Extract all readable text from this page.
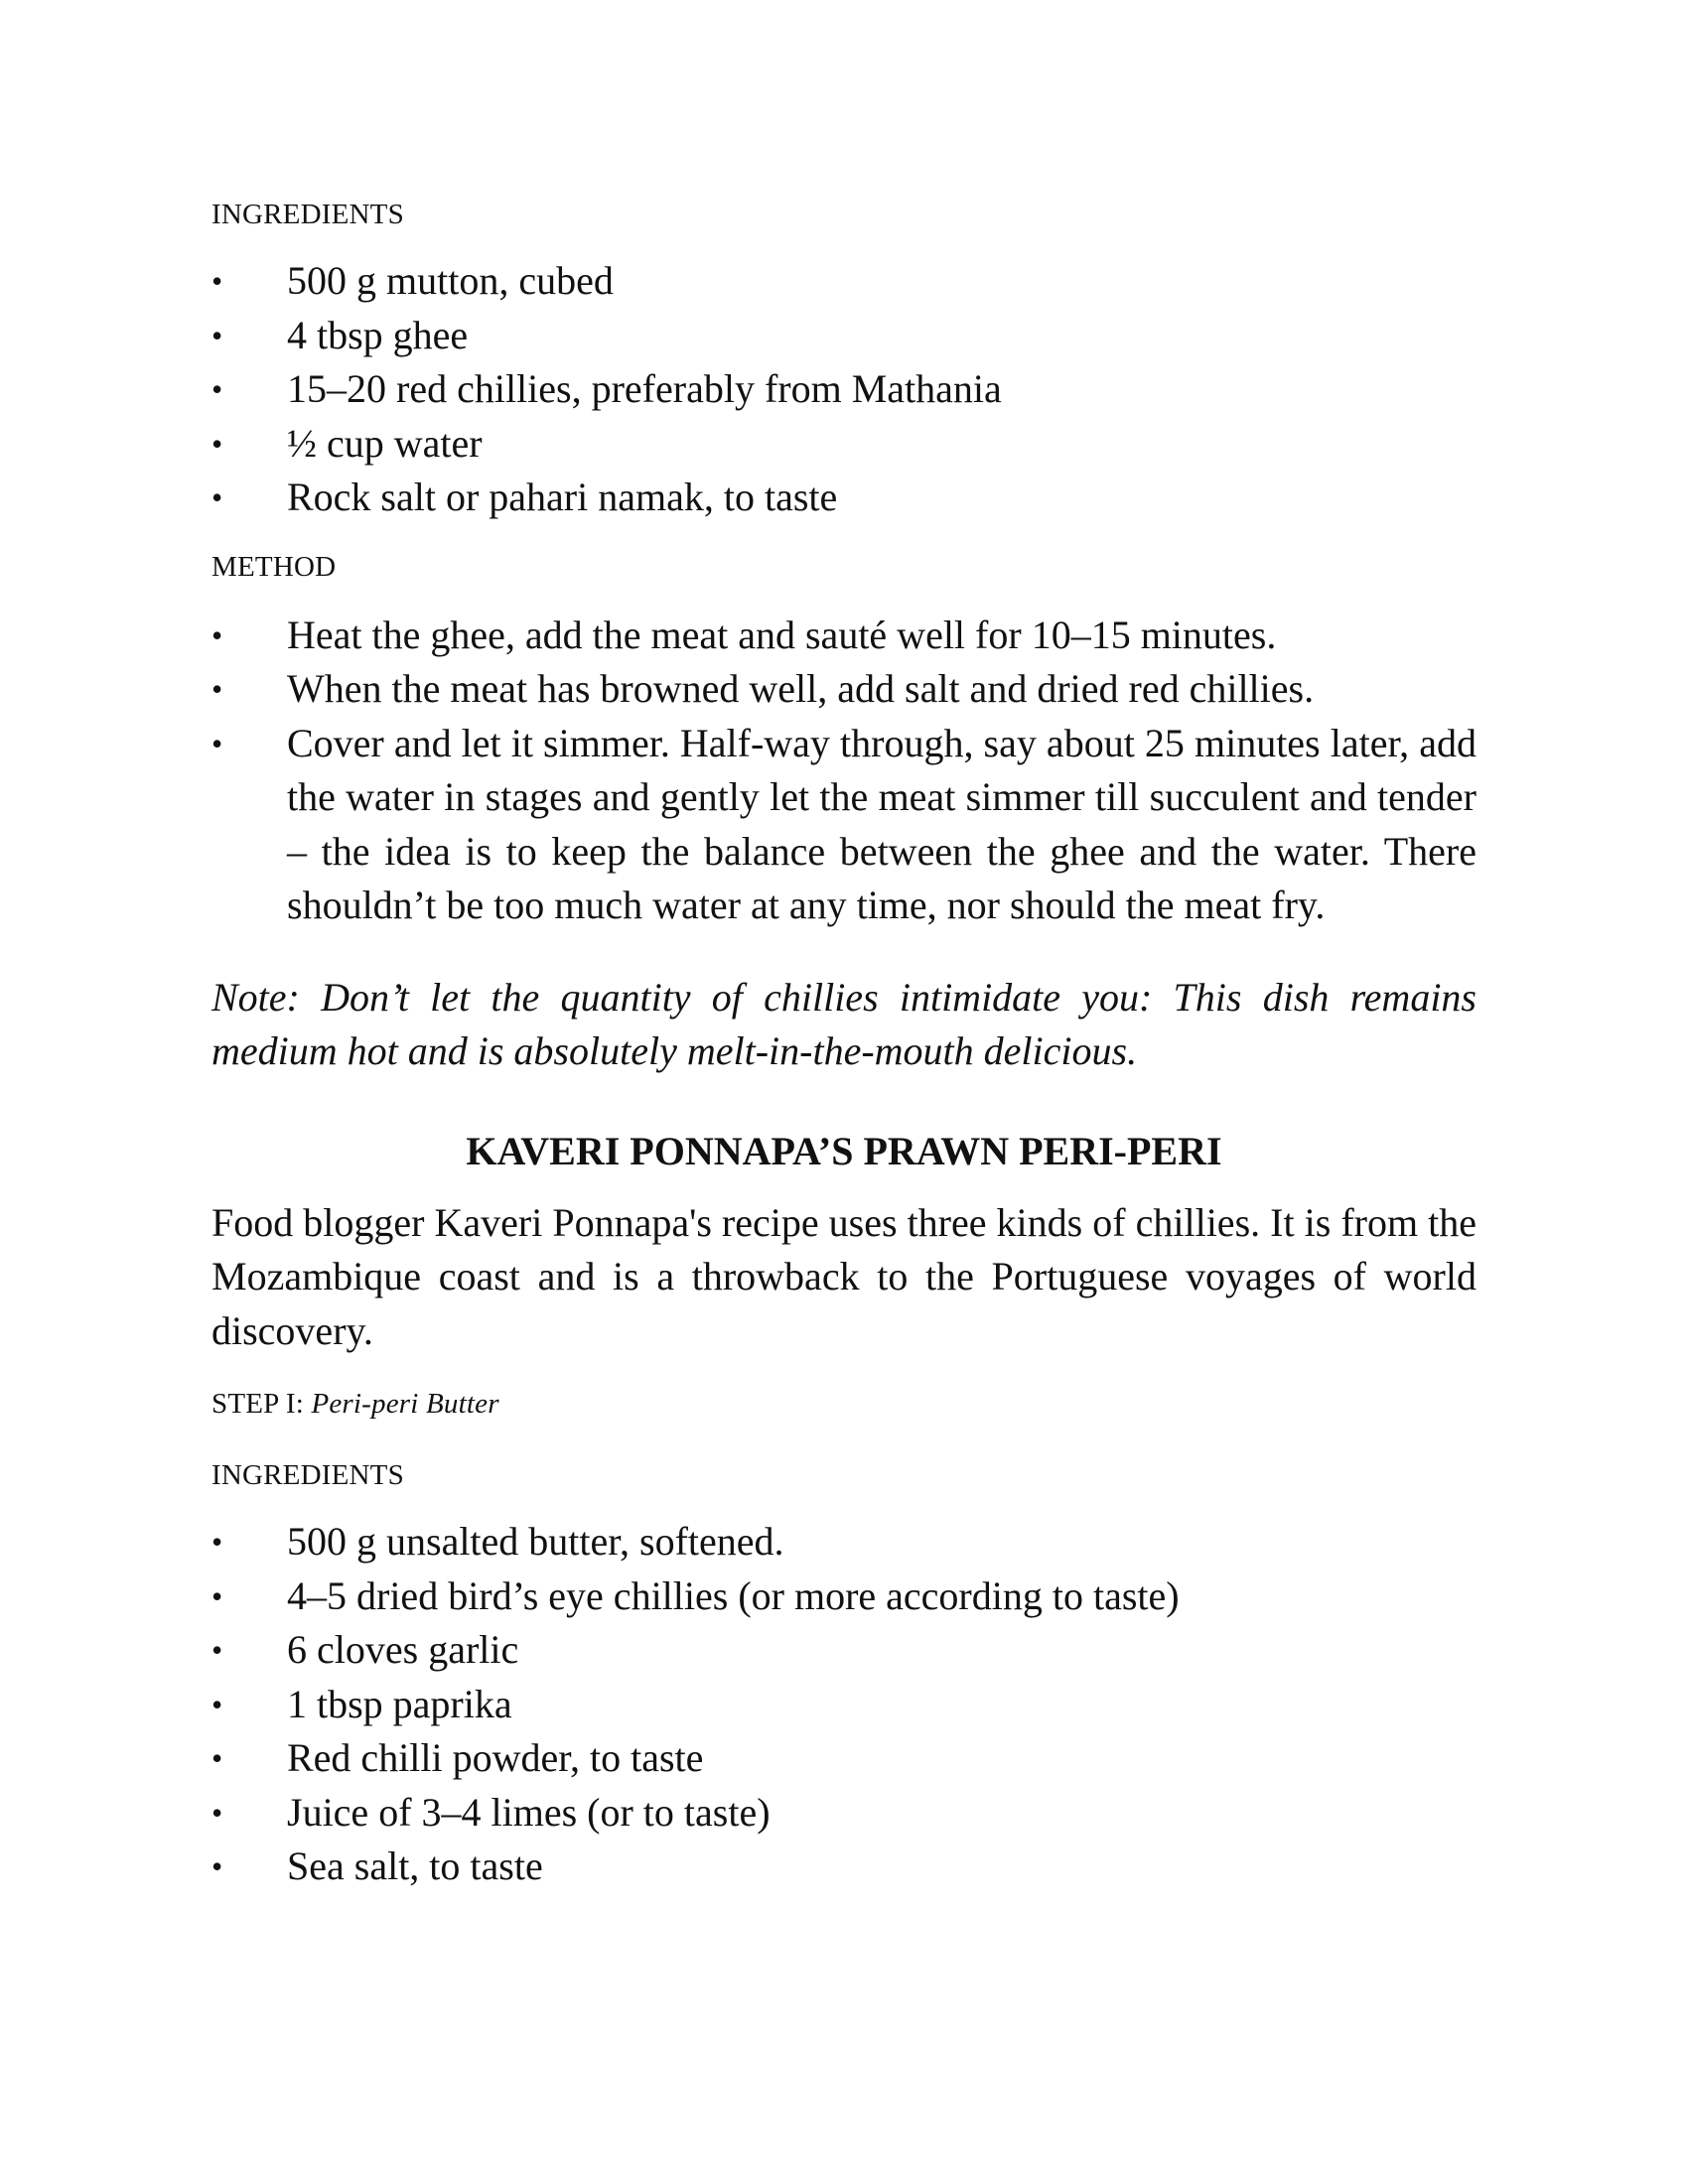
INGREDIENTS

• 500 g mutton, cubed
• 4 tbsp ghee
• 15–20 red chillies, preferably from Mathania
• ½ cup water
• Rock salt or pahari namak, to taste

METHOD

• Heat the ghee, add the meat and sauté well for 10–15 minutes.
• When the meat has browned well, add salt and dried red chillies.
• Cover and let it simmer. Half-way through, say about 25 minutes later, add the water in stages and gently let the meat simmer till succulent and tender – the idea is to keep the balance between the ghee and the water. There shouldn’t be too much water at any time, nor should the meat fry.

Note: Don’t let the quantity of chillies intimidate you: This dish remains medium hot and is absolutely melt-in-the-mouth delicious.

KAVERI PONNAPA’S PRAWN PERI-PERI

Food blogger Kaveri Ponnapa's recipe uses three kinds of chillies. It is from the Mozambique coast and is a throwback to the Portuguese voyages of world discovery.

STEP I: Peri-peri Butter

INGREDIENTS

• 500 g unsalted butter, softened.
• 4–5 dried bird’s eye chillies (or more according to taste)
• 6 cloves garlic
• 1 tbsp paprika
• Red chilli powder, to taste
• Juice of 3–4 limes (or to taste)
• Sea salt, to taste
